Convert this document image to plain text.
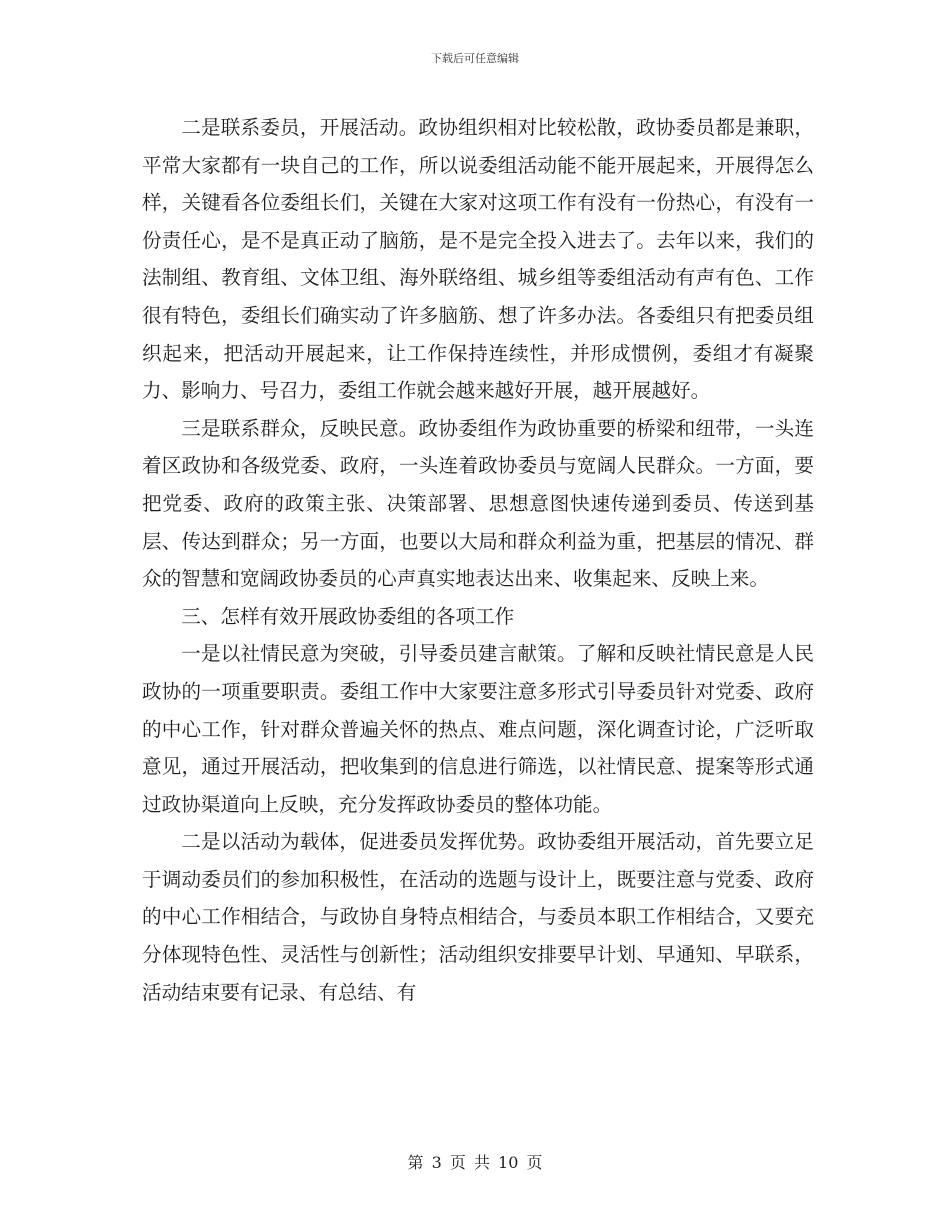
下载后可任意编辑

二是联系委员，开展活动。政协组织相对比较松散，政协委员都是兼职，平常大家都有一块自己的工作，所以说委组活动能不能开展起来，开展得怎么样，关键看各位委组长们，关键在大家对这项工作有没有一份热心，有没有一份责任心，是不是真正动了脑筋，是不是完全投入进去了。去年以来，我们的法制组、教育组、文体卫组、海外联络组、城乡组等委组活动有声有色、工作很有特色，委组长们确实动了许多脑筋、想了许多办法。各委组只有把委员组织起来，把活动开展起来，让工作保持连续性，并形成惯例，委组才有凝聚力、影响力、号召力，委组工作就会越来越好开展，越开展越好。

三是联系群众，反映民意。政协委组作为政协重要的桥梁和纽带，一头连着区政协和各级党委、政府，一头连着政协委员与宽阔人民群众。一方面，要把党委、政府的政策主张、决策部署、思想意图快速传递到委员、传送到基层、传达到群众；另一方面，也要以大局和群众利益为重，把基层的情况、群众的智慧和宽阔政协委员的心声真实地表达出来、收集起来、反映上来。

三、怎样有效开展政协委组的各项工作

一是以社情民意为突破，引导委员建言献策。了解和反映社情民意是人民政协的一项重要职责。委组工作中大家要注意多形式引导委员针对党委、政府的中心工作，针对群众普遍关怀的热点、难点问题，深化调查讨论，广泛听取意见，通过开展活动，把收集到的信息进行筛选，以社情民意、提案等形式通过政协渠道向上反映，充分发挥政协委员的整体功能。

二是以活动为载体，促进委员发挥优势。政协委组开展活动，首先要立足于调动委员们的参加积极性，在活动的选题与设计上，既要注意与党委、政府的中心工作相结合，与政协自身特点相结合，与委员本职工作相结合，又要充分体现特色性、灵活性与创新性；活动组织安排要早计划、早通知、早联系，活动结束要有记录、有总结、有

第 3 页 共 10 页
